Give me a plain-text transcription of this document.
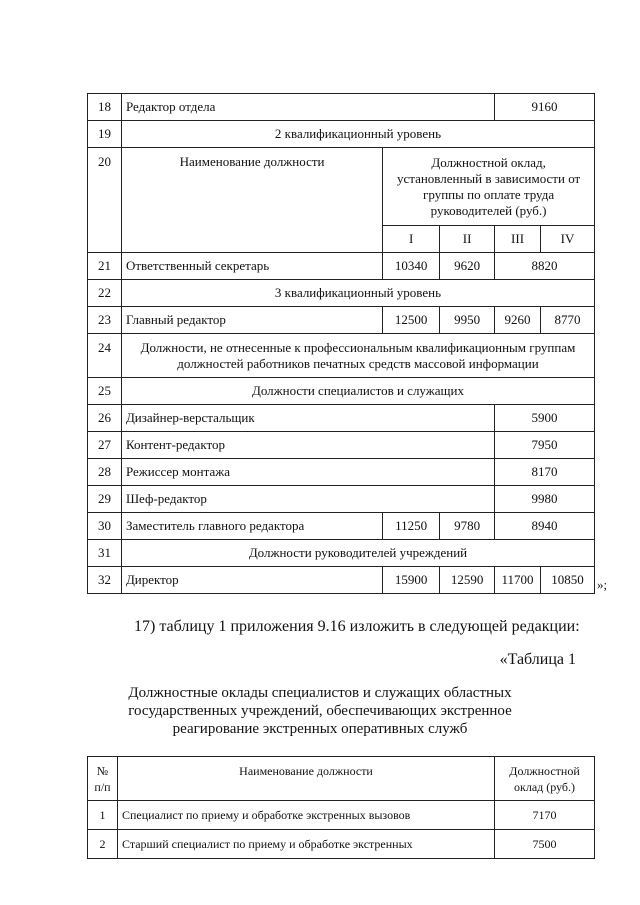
18	Редактор отдела			9160	
19	2 квалификационный уровень				
20	Наименование должности	Должностной оклад, установленный в зависимости от группы по оплате труда руководителей (руб.)			
		I	II	III	IV
21	Ответственный секретарь	10340	9620	8820	
22	3 квалификационный уровень				
23	Главный редактор	12500	9950	9260	8770
24	Должности, не отнесенные к профессиональным квалификационным группам должностей работников печатных средств массовой информации				
25	Должности специалистов и служащих				
26	Дизайнер-верстальщик			5900	
27	Контент-редактор			7950	
28	Режиссер монтажа			8170	
29	Шеф-редактор			9980	
30	Заместитель главного редактора	11250	9780	8940	
31	Должности руководителей учреждений				
32	Директор	15900	12590	11700	10850 »;
17) таблицу 1 приложения 9.16 изложить в следующей редакции:
«Таблица 1
Должностные оклады специалистов и служащих областных государственных учреждений, обеспечивающих экстренное реагирование экстренных оперативных служб
№ п/п	Наименование должности	Должностной оклад (руб.)
1	Специалист по приему и обработке экстренных вызовов	7170
2	Старший специалист по приему и обработке экстренных	7500
